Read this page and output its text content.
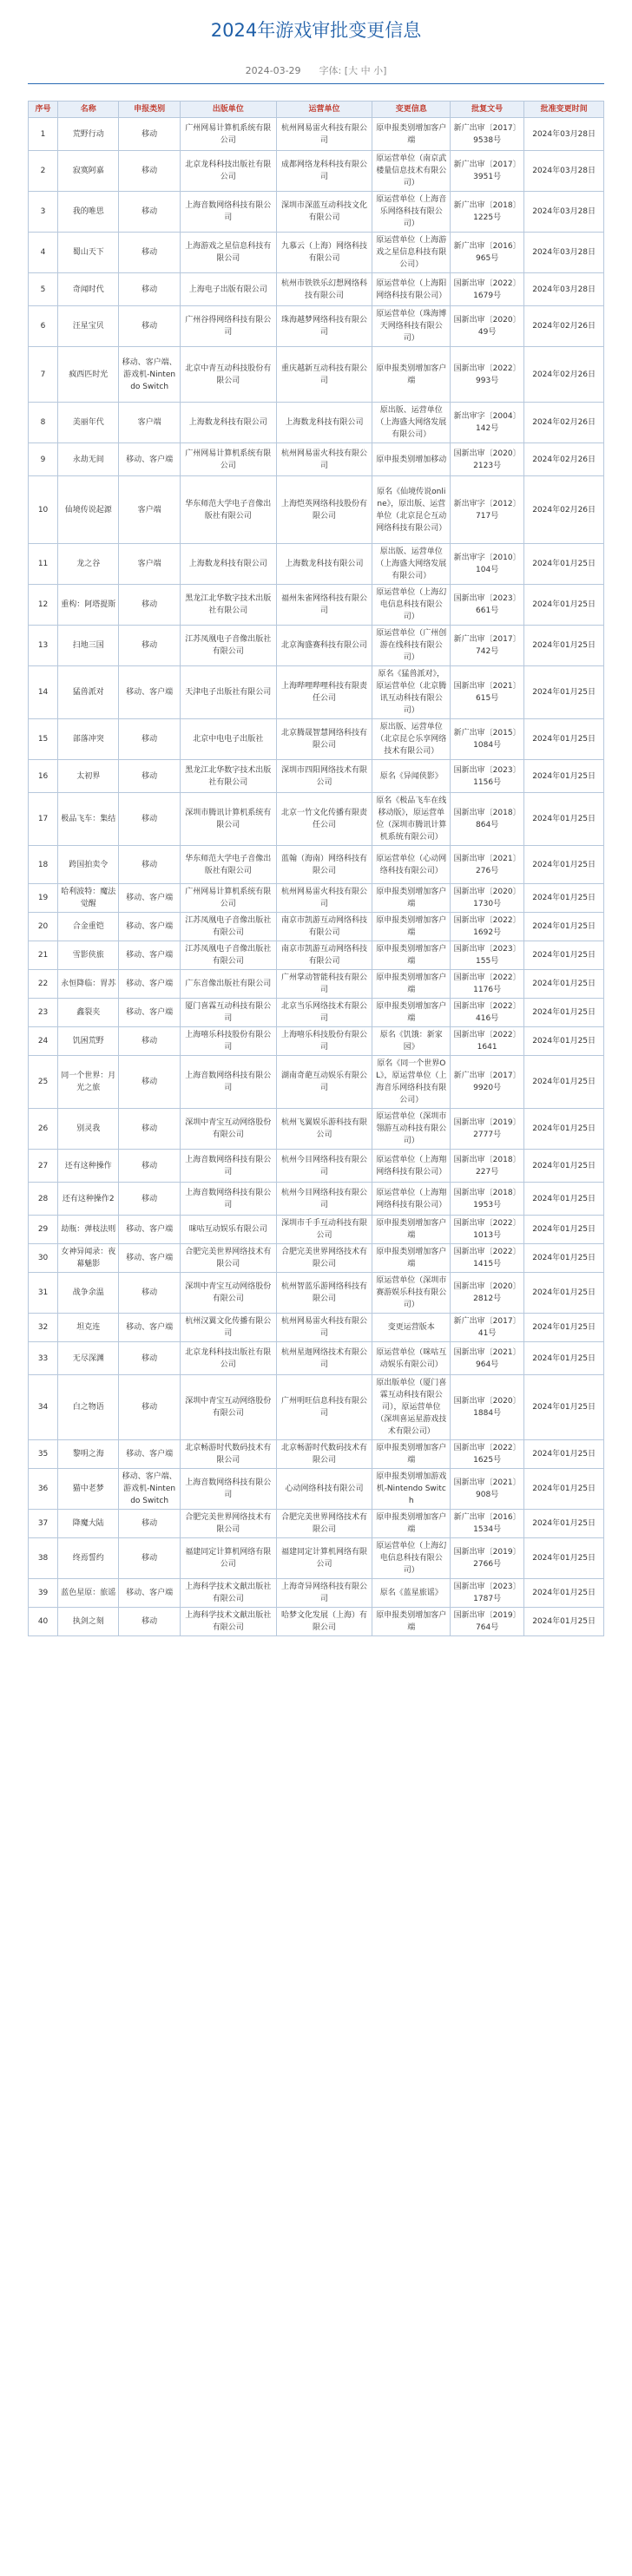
2024年游戏审批变更信息
2024-03-29 字体: [大 中 小]
序号	名称	申报类别	出版单位	运营单位	变更信息	批复文号	批准变更时间
1	荒野行动	移动	广州网易计算机系统有限公司	杭州网易雷火科技有限公司	原申报类别增加客户端	新广出审〔2017〕9538号	2024年03月28日
2	寂寞阿嘉	移动	北京龙科科技出版社有限公司	成都网络龙科科技有限公司	原运营单位（南京武楼量信息技术有限公司）	新广出审〔2017〕3951号	2024年03月28日
3	我的唯思	移动	上海音数网络科技有限公司	深圳市深蓝互动科技文化有限公司	原运营单位（上海音乐网络科技有限公司）	新广出审〔2018〕1225号	2024年03月28日
4	蜀山天下	移动	上海游戏之星信息科技有限公司	九慕云（上海）网络科技有限公司	原运营单位（上海游戏之星信息科技有限公司）	新广出审〔2016〕965号	2024年03月28日
5	奇闻时代	移动	上海电子出版有限公司	杭州市铁铁乐幻想网络科技有限公司	原运营单位（上海阳网络科技有限公司）	国新出审〔2022〕1679号	2024年03月28日
6	汪星宝贝	移动	广州谷得网络科技有限公司	珠海越梦网络科技有限公司	原运营单位（珠海博天网络科技有限公司）	国新出审〔2020〕49号	2024年02月26日
7	疯西匹时光	移动、客户端、游戏机-Nintendo Switch	北京中青互动科技股份有限公司	重庆越新互动科技有限公司	原申报类别增加客户端	国新出审〔2022〕993号	2024年02月26日
8	美丽年代	客户端	上海数龙科技有限公司	上海数龙科技有限公司	原出版、运营单位（上海盛大网络发展有限公司）	新出审字〔2004〕142号	2024年02月26日
9	永劫无间	移动、客户端	广州网易计算机系统有限公司	杭州网易雷火科技有限公司	原申报类别增加移动	国新出审〔2020〕2123号	2024年02月26日
10	仙境传说起源	客户端	华东师范大学电子音像出版社有限公司	上海恺英网络科技股份有限公司	原名《仙境传说online》，原出版、运营单位（北京昆仑互动网络科技有限公司）	新出审字〔2012〕717号	2024年02月26日
11	龙之谷	客户端	上海数龙科技有限公司	上海数龙科技有限公司	原出版、运营单位（上海盛大网络发展有限公司）	新出审字〔2010〕104号	2024年01月25日
12	重构：阿塔提斯	移动	黑龙江北华数字技术出版社有限公司	福州朱雀网络科技有限公司	原运营单位（上海幻电信息科技有限公司）	国新出审〔2023〕661号	2024年01月25日
13	扫地三国	移动	江苏凤凰电子音像出版社有限公司	北京淘盛赛科技有限公司	原运营单位（广州创游在线科技有限公司）	新广出审〔2017〕742号	2024年01月25日
14	猛兽派对	移动、客户端	天津电子出版社有限公司	上海哔哩哔哩科技有限责任公司	原名《猛兽派对》，原运营单位（北京腾讯互动科技有限公司）	国新出审〔2021〕615号	2024年01月25日
15	部落冲突	移动	北京中电电子出版社	北京腾晟智慧网络科技有限公司	原出版、运营单位（北京昆仑乐享网络技术有限公司）	新广出审〔2015〕1084号	2024年01月25日
16	太初界	移动	黑龙江北华数字技术出版社有限公司	深圳市四阳网络技术有限公司	原名《异闻侠影》	国新出审〔2023〕1156号	2024年01月25日
17	极品飞车：集结	移动	深圳市腾讯计算机系统有限公司	北京一竹文化传播有限责任公司	原名《极品飞车在线移动版》，原运营单位（深圳市腾讯计算机系统有限公司）	国新出审〔2018〕864号	2024年01月25日
18	跨国拍卖令	移动	华东师范大学电子音像出版社有限公司	蓝翰（海南）网络科技有限公司	原运营单位（心动网络科技有限公司）	国新出审〔2021〕276号	2024年01月25日
19	哈利波特：魔法觉醒	移动、客户端	广州网易计算机系统有限公司	杭州网易雷火科技有限公司	原申报类别增加客户端	国新出审〔2020〕1730号	2024年01月25日
20	合金重铠	移动、客户端	江苏凤凰电子音像出版社有限公司	南京市凯游互动网络科技有限公司	原申报类别增加客户端	国新出审〔2022〕1692号	2024年01月25日
21	雪影侠旅	移动、客户端	江苏凤凰电子音像出版社有限公司	南京市凯游互动网络科技有限公司	原申报类别增加客户端	国新出审〔2023〕155号	2024年01月25日
22	永恒降临：胃苏	移动、客户端	广东音像出版社有限公司	广州掌动智能科技有限公司	原申报类别增加客户端	国新出审〔2022〕1176号	2024年01月25日
23	鑫裂夹	移动、客户端	厦门喜霖互动科技有限公司	北京当乐网络技术有限公司	原申报类别增加客户端	国新出审〔2022〕416号	2024年01月25日
24	饥困荒野	移动	上海嘻乐科技股份有限公司	上海嘻乐科技股份有限公司	原名《饥饿：新家园》	国新出审〔2022〕1641	2024年01月25日
25	同一个世界：月光之旅	移动	上海音数网络科技有限公司	湖南奇葩互动娱乐有限公司	原名《同一个世界OL》，原运营单位（上海音乐网络科技有限公司）	新广出审〔2017〕9920号	2024年01月25日
26	别灵我	移动	深圳中青宝互动网络股份有限公司	杭州飞翼娱乐游科技有限公司	原运营单位（深圳市翎游互动科技有限公司）	国新出审〔2019〕2777号	2024年01月25日
27	还有这种操作	移动	上海音数网络科技有限公司	杭州今目网络科技有限公司	原运营单位（上海翔网络科技有限公司）	国新出审〔2018〕227号	2024年01月25日
28	还有这种操作2	移动	上海音数网络科技有限公司	杭州今目网络科技有限公司	原运营单位（上海翔网络科技有限公司）	国新出审〔2018〕1953号	2024年01月25日
29	劫瓶：弹枝法则	移动、客户端	咪咕互动娱乐有限公司	深圳市千手互动科技有限公司	原申报类别增加客户端	国新出审〔2022〕1013号	2024年01月25日
30	女神异闻录：夜幕魅影	移动、客户端	合肥完美世界网络技术有限公司	合肥完美世界网络技术有限公司	原申报类别增加客户端	国新出审〔2022〕1415号	2024年01月25日
31	战争余温	移动	深圳中青宝互动网络股份有限公司	杭州智蓝乐游网络科技有限公司	原运营单位（深圳市赛游娱乐科技有限公司）	国新出审〔2020〕2812号	2024年01月25日
32	坦克连	移动、客户端	杭州汉翼文化传播有限公司	杭州网易雷火科技有限公司	变更运营版本	新广出审〔2017〕41号	2024年01月25日
33	无尽深渊	移动	北京龙科科技出版社有限公司	杭州星迦网络技术有限公司	原运营单位（咪咕互动娱乐有限公司）	国新出审〔2021〕964号	2024年01月25日
34	白之物语	移动	深圳中青宝互动网络股份有限公司	广州明旺信息科技有限公司	原出版单位（厦门喜霖互动科技有限公司），原运营单位（深圳喜运星游戏技术有限公司）	国新出审〔2020〕1884号	2024年01月25日
35	黎明之海	移动、客户端	北京畅游时代数码技术有限公司	北京畅游时代数码技术有限公司	原申报类别增加客户端	国新出审〔2022〕1625号	2024年01月25日
36	猫中老梦	移动、客户端、游戏机-Nintendo Switch	上海音数网络科技有限公司	心动网络科技有限公司	原申报类别增加游戏机-Nintendo Switch	国新出审〔2021〕908号	2024年01月25日
37	降魔大陆	移动	合肥完美世界网络技术有限公司	合肥完美世界网络技术有限公司	原申报类别增加客户端	新广出审〔2016〕1534号	2024年01月25日
38	终焉誓约	移动	福建同定计算机网络有限公司	福建同定计算机网络有限公司	原运营单位（上海幻电信息科技有限公司）	国新出审〔2019〕2766号	2024年01月25日
39	蓝色星原：旅谣	移动、客户端	上海科学技术文献出版社有限公司	上海奇异网络科技有限公司	原名《蓝星旅谣》	国新出审〔2023〕1787号	2024年01月25日
40	执剑之刻	移动	上海科学技术文献出版社有限公司	哈梦文化发展（上海）有限公司	原申报类别增加客户端	国新出审〔2019〕764号	2024年01月25日
